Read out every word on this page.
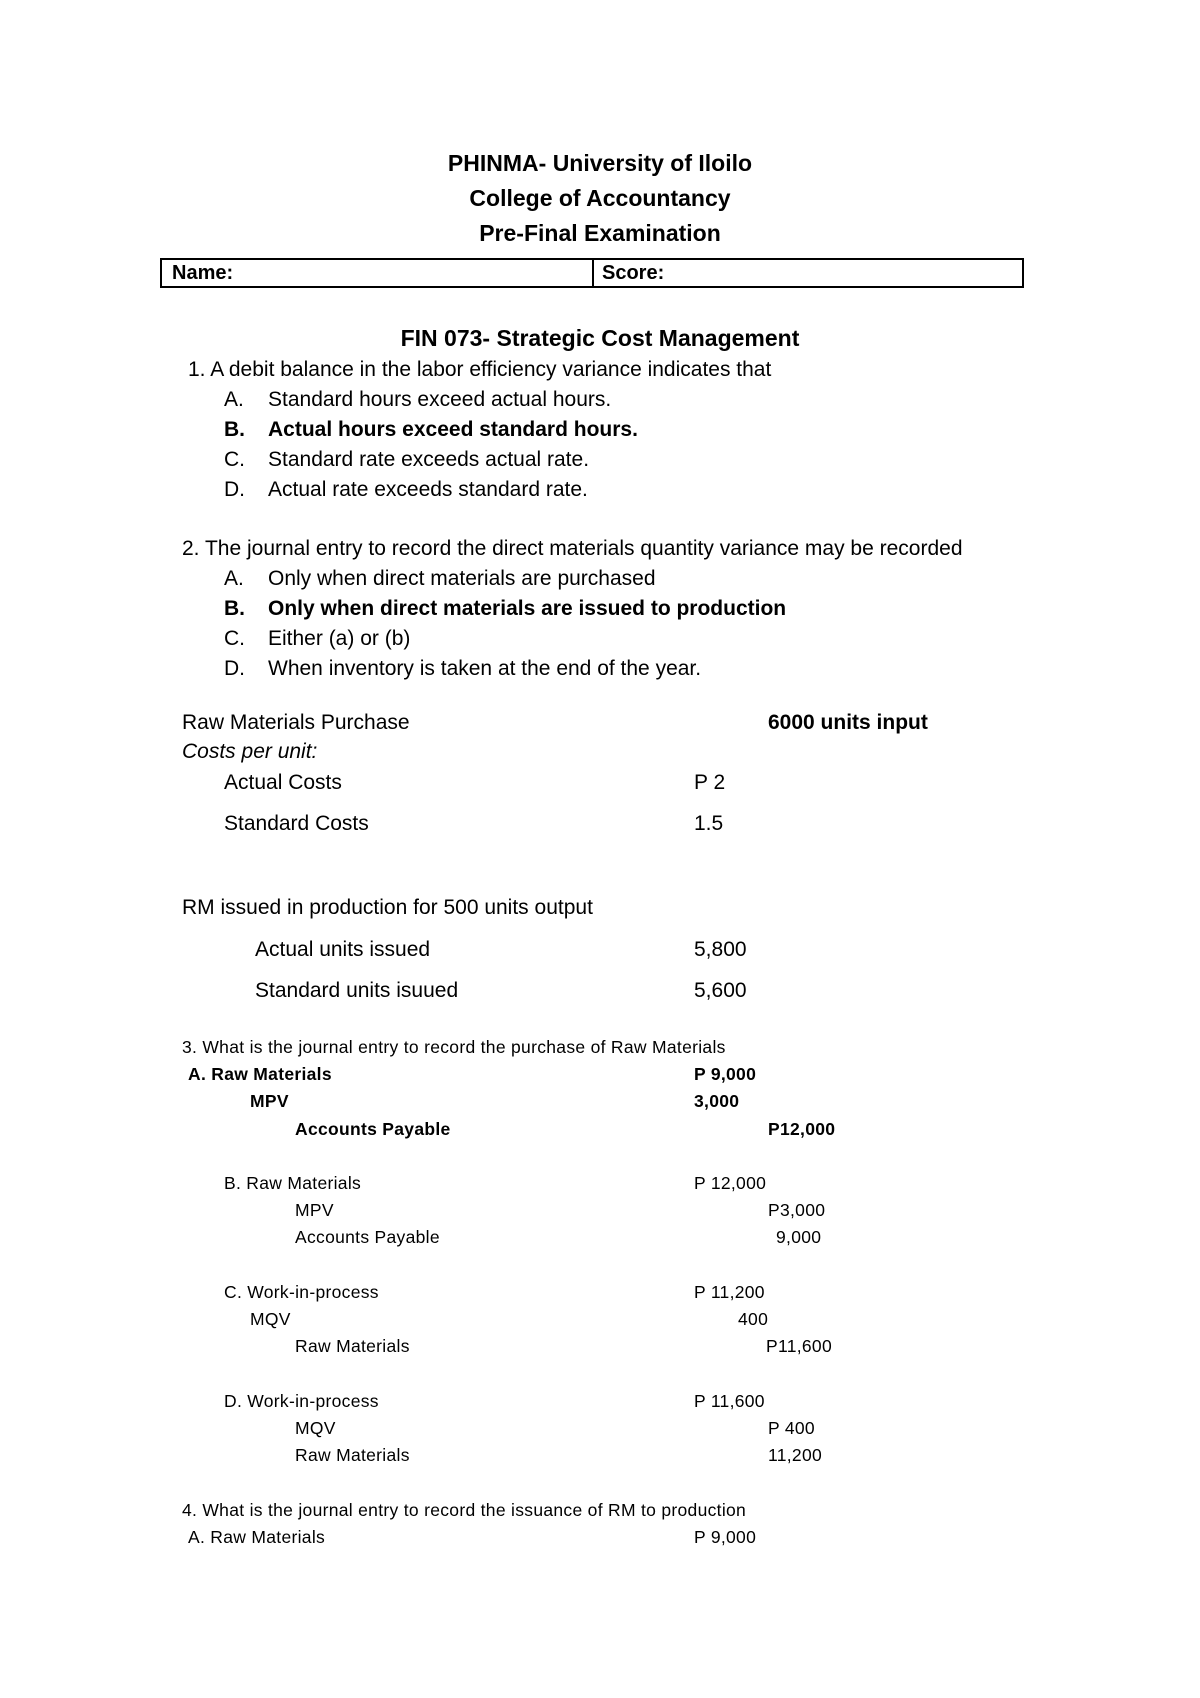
PHINMA- University of Iloilo
College of Accountancy
Pre-Final Examination
Name:	Score:
FIN 073- Strategic Cost Management
1. A debit balance in the labor efficiency variance indicates that
A. Standard hours exceed actual hours.
B. Actual hours exceed standard hours.
C. Standard rate exceeds actual rate.
D. Actual rate exceeds standard rate.
2. The journal entry to record the direct materials quantity variance may be recorded
A. Only when direct materials are purchased
B. Only when direct materials are issued to production
C. Either (a) or (b)
D. When inventory is taken at the end of the year.
Raw Materials Purchase	6000 units input
Costs per unit:
Actual Costs	P 2
Standard Costs	1.5
RM issued in production for 500 units output
Actual units issued	5,800
Standard units isuued	5,600
3. What is the journal entry to record the purchase of Raw Materials
A. Raw Materials	P 9,000
MPV	3,000
Accounts Payable	P12,000
B. Raw Materials	P 12,000
MPV	P3,000
Accounts Payable	9,000
C. Work-in-process	P 11,200
MQV	400
Raw Materials	P11,600
D. Work-in-process	P 11,600
MQV	P 400
Raw Materials	11,200
4. What is the journal entry to record the issuance of RM to production
A. Raw Materials	P 9,000
